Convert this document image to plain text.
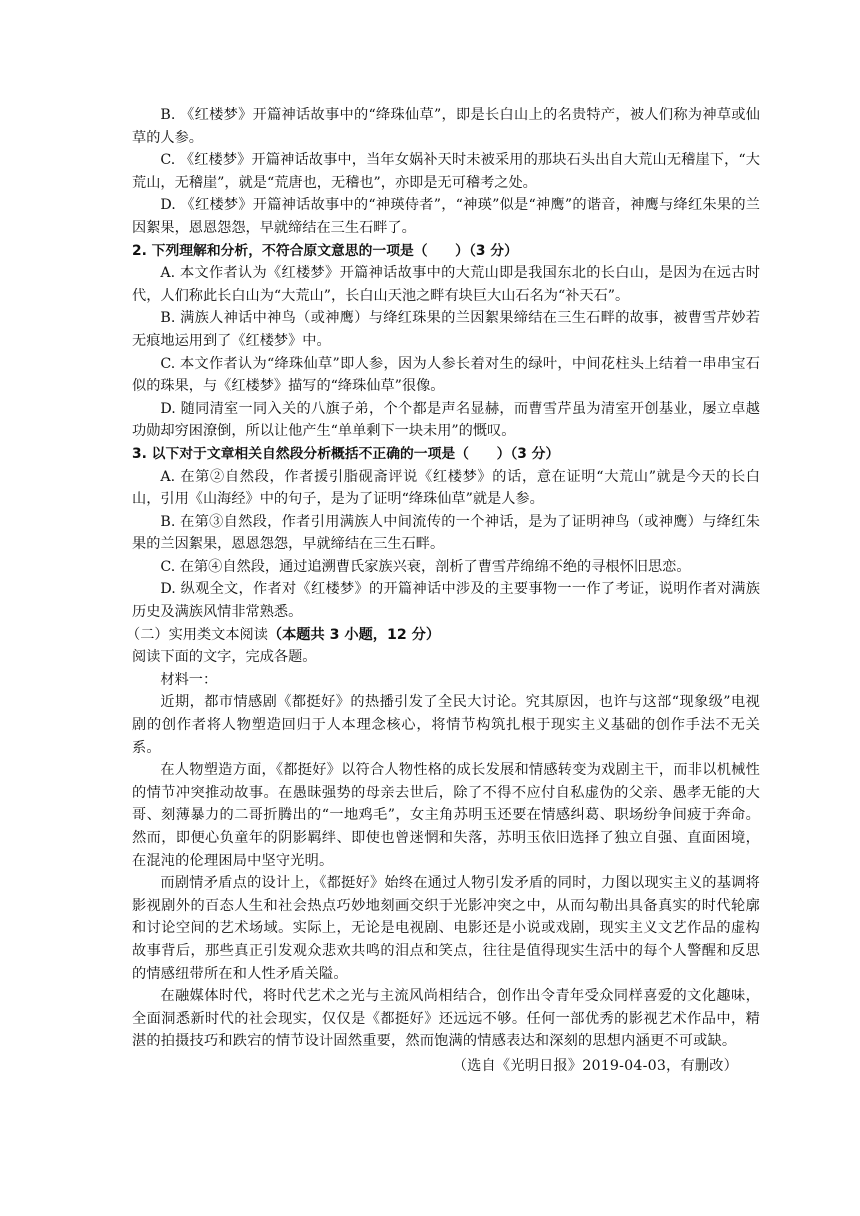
B. 《红楼梦》开篇神话故事中的“绛珠仙草”，即是长白山上的名贵特产，被人们称为神草或仙草的人参。

C. 《红楼梦》开篇神话故事中，当年女娲补天时未被采用的那块石头出自大荒山无稽崖下，“大荒山，无稽崖”，就是“荒唐也，无稽也”，亦即是无可稽考之处。

D. 《红楼梦》开篇神话故事中的“神瑛侍者”，“神瑛”似是“神鹰”的谐音，神鹰与绛红朱果的兰因絮果，恩恩怨怨，早就缔结在三生石畔了。

2. 下列理解和分析，不符合原文意思的一项是（　　）（3 分）

A. 本文作者认为《红楼梦》开篇神话故事中的大荒山即是我国东北的长白山，是因为在远古时代，人们称此长白山为“大荒山”，长白山天池之畔有块巨大山石名为“补天石”。

B. 满族人神话中神鸟（或神鹰）与绛红珠果的兰因絮果缔结在三生石畔的故事，被曹雪芹妙若无痕地运用到了《红楼梦》中。

C. 本文作者认为“绛珠仙草”即人参，因为人参长着对生的绿叶，中间花柱头上结着一串串宝石似的珠果，与《红楼梦》描写的“绛珠仙草”很像。

D. 随同清室一同入关的八旗子弟，个个都是声名显赫，而曹雪芹虽为清室开创基业，屡立卓越功勋却穷困潦倒，所以让他产生“单单剩下一块未用”的慨叹。

3. 以下对于文章相关自然段分析概括不正确的一项是（　　）（3 分）

A. 在第②自然段，作者援引脂砚斋评说《红楼梦》的话，意在证明“大荒山”就是今天的长白山，引用《山海经》中的句子，是为了证明“绛珠仙草”就是人参。

B. 在第③自然段，作者引用满族人中间流传的一个神话，是为了证明神鸟（或神鹰）与绛红朱果的兰因絮果，恩恩怨怨，早就缔结在三生石畔。

C. 在第④自然段，通过追溯曹氏家族兴衰，剖析了曹雪芹绵绵不绝的寻根怀旧思恋。

D. 纵观全文，作者对《红楼梦》的开篇神话中涉及的主要事物一一作了考证，说明作者对满族历史及满族风情非常熟悉。

（二）实用类文本阅读（本题共 3 小题，12 分）

阅读下面的文字，完成各题。

材料一：

近期，都市情感剧《都挺好》的热播引发了全民大讨论。究其原因，也许与这部“现象级”电视剧的创作者将人物塑造回归于人本理念核心，将情节构筑扎根于现实主义基础的创作手法不无关系。

在人物塑造方面，《都挺好》以符合人物性格的成长发展和情感转变为戏剧主干，而非以机械性的情节冲突推动故事。在愚昧强势的母亲去世后，除了不得不应付自私虚伪的父亲、愚孝无能的大哥、刻薄暴力的二哥折腾出的“一地鸡毛”，女主角苏明玉还要在情感纠葛、职场纷争间疲于奔命。然而，即便心负童年的阴影羁绊、即使也曾迷惘和失落，苏明玉依旧选择了独立自强、直面困境，在混沌的伦理困局中坚守光明。

而剧情矛盾点的设计上，《都挺好》始终在通过人物引发矛盾的同时，力图以现实主义的基调将影视剧外的百态人生和社会热点巧妙地刻画交织于光影冲突之中，从而勾勒出具备真实的时代轮廓和讨论空间的艺术场域。实际上，无论是电视剧、电影还是小说或戏剧，现实主义文艺作品的虚构故事背后，那些真正引发观众悲欢共鸣的泪点和笑点，往往是值得现实生活中的每个人警醒和反思的情感纽带所在和人性矛盾关隘。

在融媒体时代，将时代艺术之光与主流风尚相结合，创作出令青年受众同样喜爱的文化趣味，全面洞悉新时代的社会现实，仅仅是《都挺好》还远远不够。任何一部优秀的影视艺术作品中，精湛的拍摄技巧和跌宕的情节设计固然重要，然而饱满的情感表达和深刻的思想内涵更不可或缺。

（选自《光明日报》2019-04-03，有删改）
